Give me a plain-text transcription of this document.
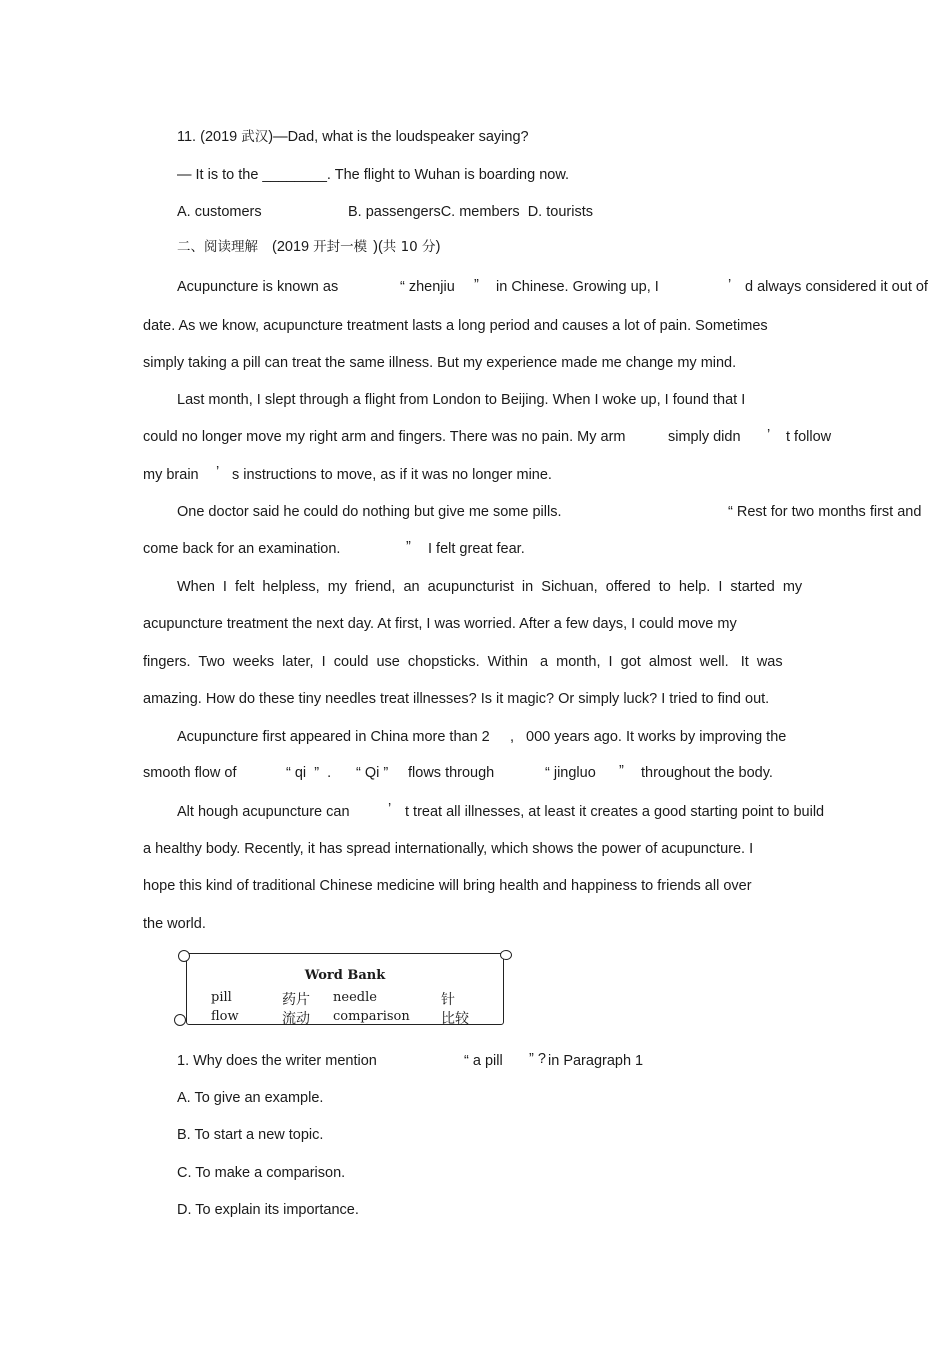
11. (2019 武汉)—Dad, what is the loudspeaker saying?
— It is to the ________. The flight to Wuhan is boarding now.
A. customers	B. passengersC. members  D. tourists
二、阅读理解 (2019 开封一模 )(共 10 分)
Acupuncture is known as	“ zhenjiu ” in Chinese. Growing up, I	’ d always considered it out of
date. As we know, acupuncture treatment lasts a long period and causes a lot of pain. Sometimes
simply taking a pill can treat the same illness. But my experience made me change my mind.
Last month, I slept through a flight from London to Beijing. When I woke up, I found that I
could no longer move my right arm and fingers. There was no pain. My arm	simply didn ’ t follow
my brain ’ s instructions to move, as if it was no longer mine.
One doctor said he could do nothing but give me some pills.	“ Rest for two months first and
come back for an examination.	” I felt great fear.
When  I  felt  helpless,  my  friend,  an  acupuncturist  in  Sichuan,  offered  to  help.  I  started  my
acupuncture treatment the next day. At first, I was worried. After a few days, I could move my
fingers.  Two  weeks  later,  I  could  use  chopsticks.  Within   a  month,  I  got  almost  well.   It  was
amazing. How do these tiny needles treat illnesses? Is it magic? Or simply luck? I tried to find out.
Acupuncture first appeared in China more than 2 , 000 years ago. It works by improving the
smooth flow of	“ qi  ”  . “ Qi ” flows through	“ jingluo ” throughout the body.
Alt hough acupuncture can	’ t treat all illnesses, at least it creates a good starting point to build
a healthy body. Recently, it has spread internationally, which shows the power of acupuncture. I
hope this kind of traditional Chinese medicine will bring health and happiness to friends all over
the world.
Word Bank
pill	药片 needle	针
flow	流动 comparison 比较
1. Why does the writer mention	“ a pill ” ? in Paragraph 1
A. To give an example.
B. To start a new topic.
C. To make a comparison.
D. To explain its importance.
